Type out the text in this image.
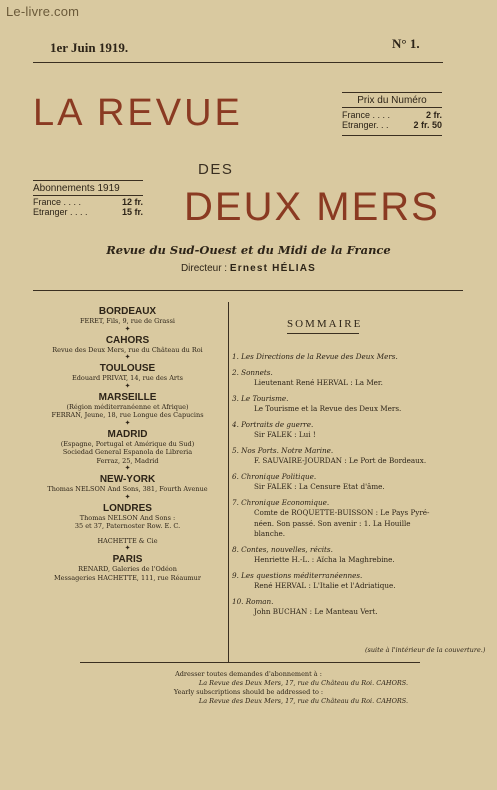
Le-livre.com
1er Juin 1919.	N° 1.
LA REVUE
DES
DEUX MERS
Prix du Numéro
France . . . .	2 fr.
Etranger. . .	2 fr. 50
Abonnements 1919
France . . . .	12 fr.
Etranger . . . .	15 fr.
Revue du Sud-Ouest et du Midi de la France
Directeur : Ernest HÉLIAS
BORDEAUX
FERET, Fils, 9, rue de Grassi
✦
CAHORS
Revue des Deux Mers, rue du Château du Roi
✦
TOULOUSE
Edouard PRIVAT, 14, rue des Arts
✦
MARSEILLE
(Région méditerranéenne et Afrique)
FERRAN, Jeune, 18, rue Longue des Capucins
✦
MADRID
(Espagne, Portugal et Amérique du Sud)
Sociedad General Espanola de Libreria
Ferraz, 25, Madrid
✦
NEW-YORK
Thomas NELSON And Sons, 381, Fourth Avenue
✦
LONDRES
Thomas NELSON And Sons :
35 et 37, Paternoster Row. E. C.
HACHETTE & Cie
✦
PARIS
RENARD, Galeries de l'Odéon
Messageries HACHETTE, 111, rue Réaumur
SOMMAIRE
1. Les Directions de la Revue des Deux Mers.
2. Sonnets.
Lieutenant René HERVAL : La Mer.
3. Le Tourisme.
Le Tourisme et la Revue des Deux Mers.
4. Portraits de guerre.
Sir FALEK : Lui !
5. Nos Ports. Notre Marine.
F. SAUVAIRE-JOURDAN : Le Port de Bordeaux.
6. Chronique Politique.
Sir FALEK : La Censure Etat d'âme.
7. Chronique Economique.
Comte de ROQUETTE-BUISSON : Le Pays Pyré-
néen. Son passé. Son avenir : 1. La Houille
blanche.
8. Contes, nouvelles, récits.
Henriette H.-L. : Aïcha la Maghrebine.
9. Les questions méditerranéennes.
René HERVAL : L'Italie et l'Adriatique.
10. Roman.
John BUCHAN : Le Manteau Vert.
(suite à l'intérieur de la couverture.)
Adresser toutes demandes d'abonnement à :
La Revue des Deux Mers, 17, rue du Château du Roi. CAHORS.
Yearly subscriptions should be addressed to :
La Revue des Deux Mers, 17, rue du Château du Roi. CAHORS.
